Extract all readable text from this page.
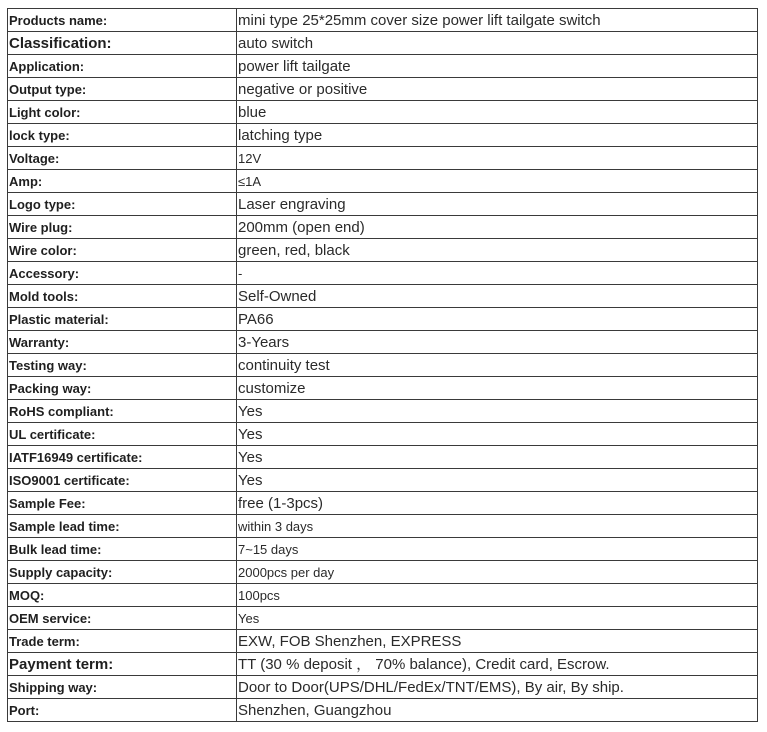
Products name:	mini type 25*25mm cover size power lift tailgate switch
Classification:	auto switch
Application:	power lift tailgate
Output type:	negative or positive
Light color:	blue
lock type:	latching type
Voltage:	12V
Amp:	≤1A
Logo type:	Laser engraving
Wire plug:	200mm (open end)
Wire color:	green, red, black
Accessory:	-
Mold tools:	Self-Owned
Plastic material:	PA66
Warranty:	3-Years
Testing way:	continuity test
Packing way:	customize
RoHS compliant:	Yes
UL certificate:	Yes
IATF16949 certificate:	Yes
ISO9001 certificate:	Yes
Sample Fee:	free (1-3pcs)
Sample lead time:	within 3 days
Bulk lead time:	7~15 days
Supply capacity:	2000pcs per day
MOQ:	100pcs
OEM service:	Yes
Trade term:	EXW, FOB Shenzhen, EXPRESS
Payment term:	TT (30 % deposit ， 70% balance), Credit card, Escrow.
Shipping way:	Door to Door(UPS/DHL/FedEx/TNT/EMS), By air, By ship.
Port:	Shenzhen, Guangzhou
